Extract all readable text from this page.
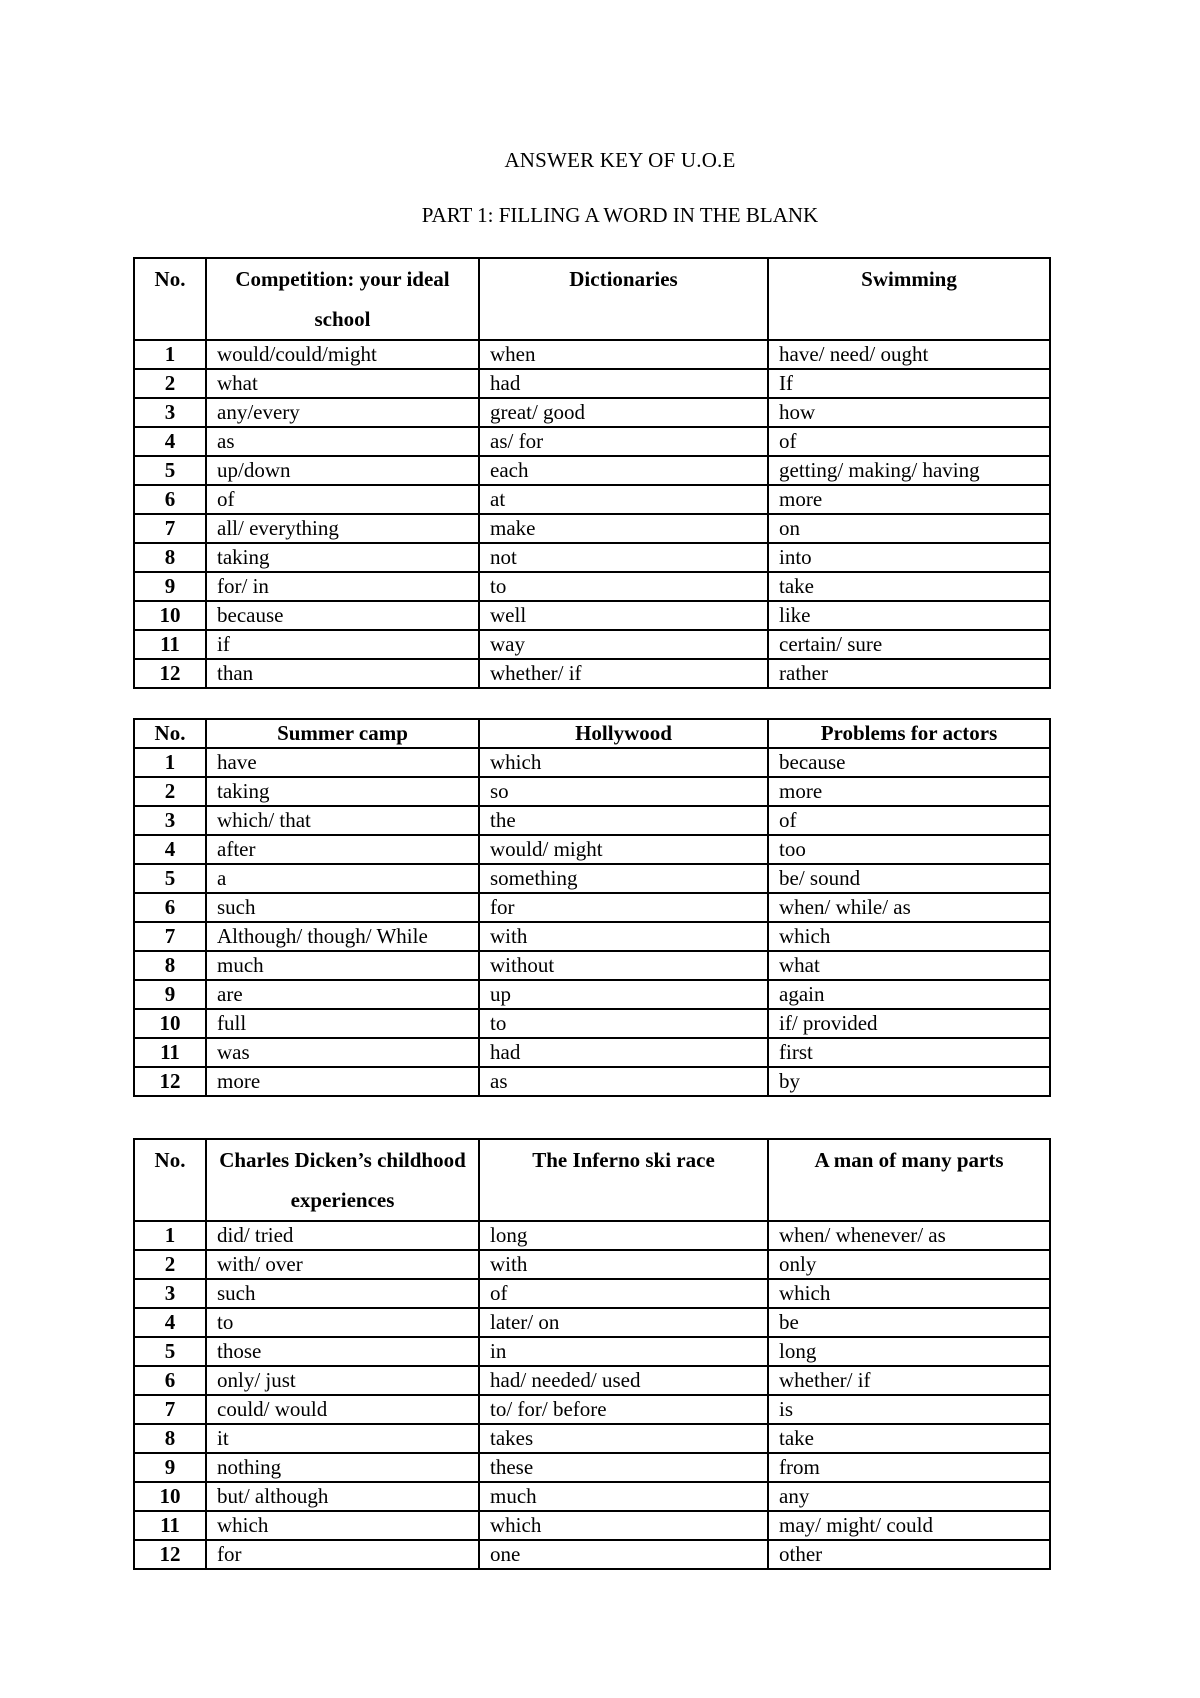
ANSWER KEY OF U.O.E
PART 1: FILLING A WORD IN THE BLANK
No.	Competition: your ideal school	Dictionaries	Swimming
1	would/could/might	when	have/ need/ ought
2	what	had	If
3	any/every	great/ good	how
4	as	as/ for	of
5	up/down	each	getting/ making/ having
6	of	at	more
7	all/ everything	make	on
8	taking	not	into
9	for/ in	to	take
10	because	well	like
11	if	way	certain/ sure
12	than	whether/ if	rather
No.	Summer camp	Hollywood	Problems for actors
1	have	which	because
2	taking	so	more
3	which/ that	the	of
4	after	would/ might	too
5	a	something	be/ sound
6	such	for	when/ while/ as
7	Although/ though/ While	with	which
8	much	without	what
9	are	up	again
10	full	to	if/ provided
11	was	had	first
12	more	as	by
No.	Charles Dicken’s childhood experiences	The Inferno ski race	A man of many parts
1	did/ tried	long	when/ whenever/ as
2	with/ over	with	only
3	such	of	which
4	to	later/ on	be
5	those	in	long
6	only/ just	had/ needed/ used	whether/ if
7	could/ would	to/ for/ before	is
8	it	takes	take
9	nothing	these	from
10	but/ although	much	any
11	which	which	may/ might/ could
12	for	one	other
